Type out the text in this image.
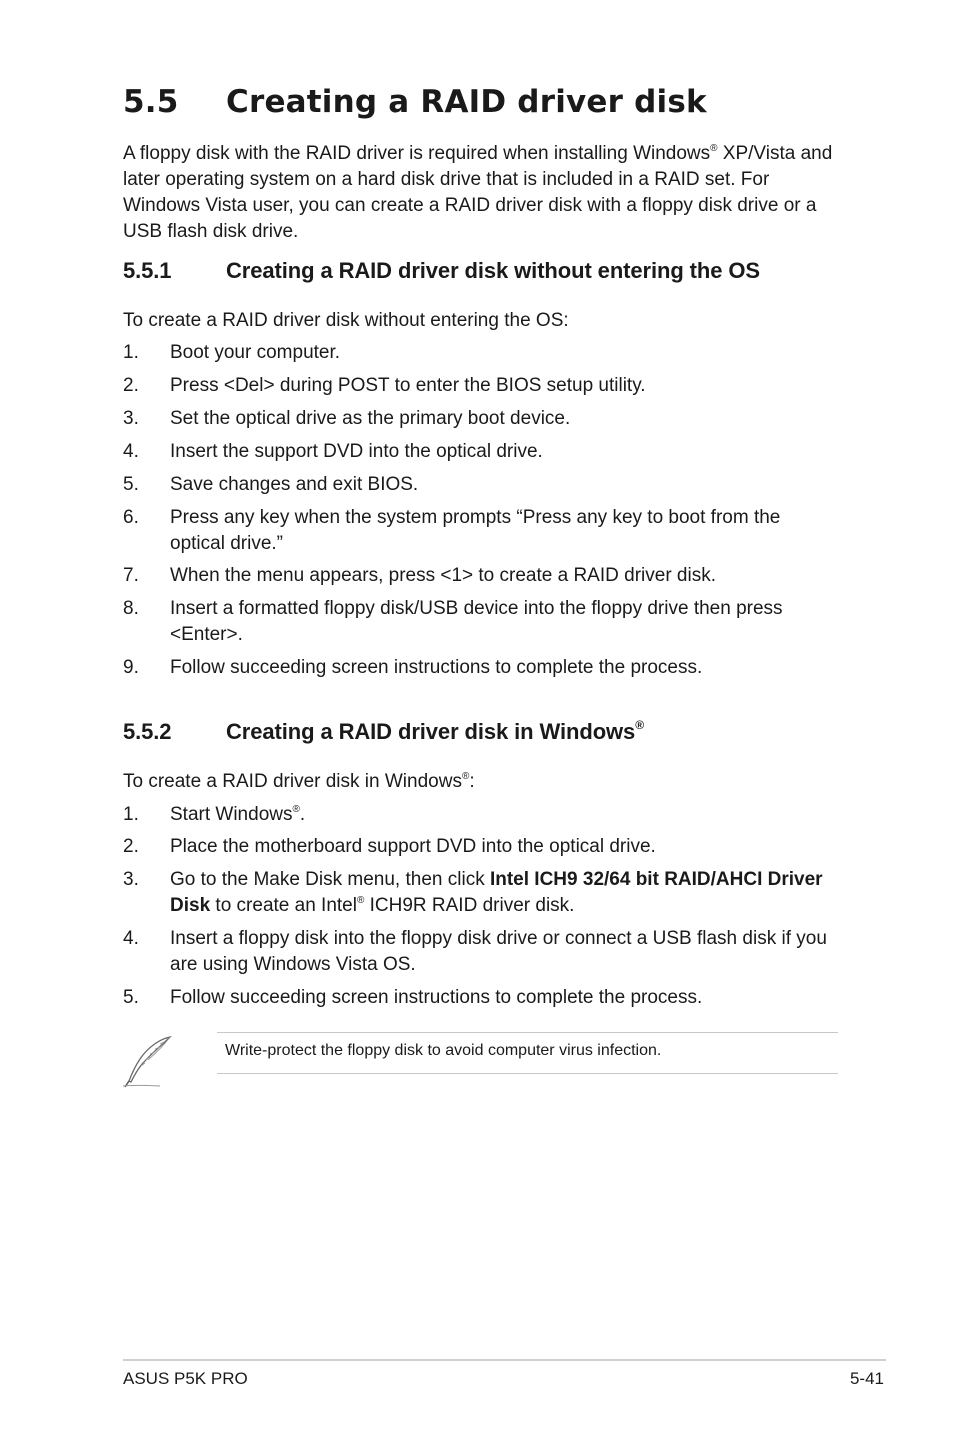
5.5 Creating a RAID driver disk

A floppy disk with the RAID driver is required when installing Windows® XP/Vista and later operating system on a hard disk drive that is included in a RAID set. For Windows Vista user, you can create a RAID driver disk with a floppy disk drive or a USB flash disk drive.

5.5.1 Creating a RAID driver disk without entering the OS

To create a RAID driver disk without entering the OS:

1.	Boot your computer.
2.	Press <Del> during POST to enter the BIOS setup utility.
3.	Set the optical drive as the primary boot device.
4.	Insert the support DVD into the optical drive.
5.	Save changes and exit BIOS.
6.	Press any key when the system prompts “Press any key to boot from the optical drive.”
7.	When the menu appears, press <1> to create a RAID driver disk.
8.	Insert a formatted floppy disk/USB device into the floppy drive then press <Enter>.
9.	Follow succeeding screen instructions to complete the process.
5.5.2 Creating a RAID driver disk in Windows®

To create a RAID driver disk in Windows®:

1.	Start Windows®.
2.	Place the motherboard support DVD into the optical drive.
3.	Go to the Make Disk menu, then click Intel ICH9 32/64 bit RAID/AHCI Driver Disk to create an Intel® ICH9R RAID driver disk.
4.	Insert a floppy disk into the floppy disk drive or connect a USB flash disk if you are using Windows Vista OS.
5.	Follow succeeding screen instructions to complete the process.
Write-protect the floppy disk to avoid computer virus infection.
ASUS P5K PRO	5-41
